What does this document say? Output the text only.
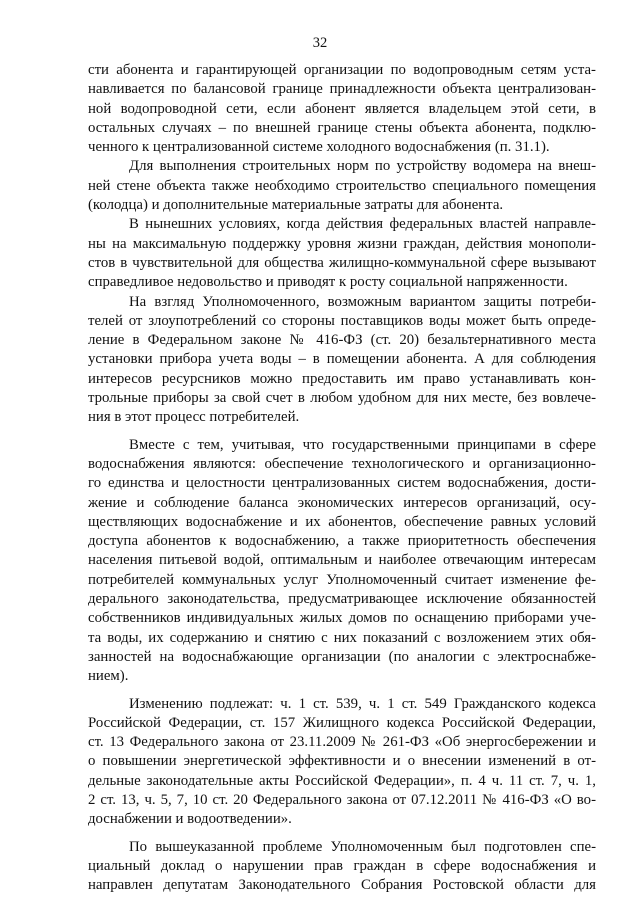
32
сти абонента и гарантирующей организации по водопроводным сетям уста-
навливается по балансовой границе принадлежности объекта централизован-
ной водопроводной сети, если абонент является владельцем этой сети, в
остальных случаях – по внешней границе стены объекта абонента, подклю-
ченного к централизованной системе холодного водоснабжения (п. 31.1).
Для выполнения строительных норм по устройству водомера на внеш-
ней стене объекта также необходимо строительство специального помещения
(колодца) и дополнительные материальные затраты для абонента.
В нынешних условиях, когда действия федеральных властей направле-
ны на максимальную поддержку уровня жизни граждан, действия монополи-
стов в чувствительной для общества жилищно-коммунальной сфере вызывают
справедливое недовольство и приводят к росту социальной напряженности.
На взгляд Уполномоченного, возможным вариантом защиты потреби-
телей от злоупотреблений со стороны поставщиков воды может быть опреде-
ление в Федеральном законе № 416-ФЗ (ст. 20) безальтернативного места
установки прибора учета воды – в помещении абонента. А для соблюдения
интересов ресурсников можно предоставить им право устанавливать кон-
трольные приборы за свой счет в любом удобном для них месте, без вовлече-
ния в этот процесс потребителей.
Вместе с тем, учитывая, что государственными принципами в сфере
водоснабжения являются: обеспечение технологического и организационно-
го единства и целостности централизованных систем водоснабжения, дости-
жение и соблюдение баланса экономических интересов организаций, осу-
ществляющих водоснабжение и их абонентов, обеспечение равных условий
доступа абонентов к водоснабжению, а также приоритетность обеспечения
населения питьевой водой, оптимальным и наиболее отвечающим интересам
потребителей коммунальных услуг Уполномоченный считает изменение фе-
дерального законодательства, предусматривающее исключение обязанностей
собственников индивидуальных жилых домов по оснащению приборами уче-
та воды, их содержанию и снятию с них показаний с возложением этих обя-
занностей на водоснабжающие организации (по аналогии с электроснабже-
нием).
Изменению подлежат: ч. 1 ст. 539, ч. 1 ст. 549 Гражданского кодекса
Российской Федерации, ст. 157 Жилищного кодекса Российской Федерации,
ст. 13 Федерального закона от 23.11.2009 № 261-ФЗ «Об энергосбережении и
о повышении энергетической эффективности и о внесении изменений в от-
дельные законодательные акты Российской Федерации», п. 4 ч. 11 ст. 7, ч. 1,
2 ст. 13, ч. 5, 7, 10 ст. 20 Федерального закона от 07.12.2011 № 416-ФЗ «О во-
доснабжении и водоотведении».
По вышеуказанной проблеме Уполномоченным был подготовлен спе-
циальный доклад о нарушении прав граждан в сфере водоснабжения и
направлен депутатам Законодательного Собрания Ростовской области для
